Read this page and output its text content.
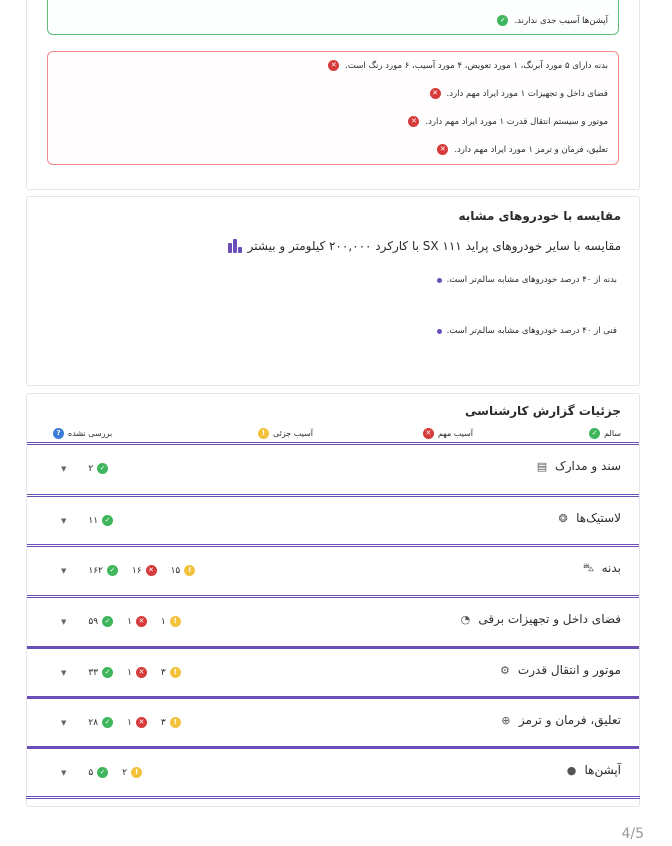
✓	آپشن‌ها آسیب جدی ندارند.
✕	بدنه دارای ۵ مورد آبرنگ، ۱ مورد تعویض، ۴ مورد آسیب، ۶ مورد رنگ است.
✕	فضای داخل و تجهیزات ۱ مورد ایراد مهم دارد.
✕	موتور و سیستم انتقال قدرت ۱ مورد ایراد مهم دارد.
✕	تعلیق، فرمان و ترمز ۱ مورد ایراد مهم دارد.
مقایسه با خودروهای مشابه
مقایسه با سایر خودروهای پراید SX ۱۱۱ با کارکرد ۲۰۰,۰۰۰ کیلومتر و بیشتر
بدنه از ۴۰ درصد خودروهای مشابه سالم‌تر است.
فنی از ۴۰ درصد خودروهای مشابه سالم‌تر است.
جزئیات گزارش کارشناسی
✓ سالم
✕ آسیب مهم
! آسیب جزئی
? بررسی نشده
▤ سند و مدارک
▼ ۲ ✓
❂ لاستیک‌ها
▼ ۱۱ ✓
⛍ بدنه
▼ ۱۶۲ ✓ ۱۶ ✕ ۱۵	!
◔ فضای داخل و تجهیزات برقی
▼ ۵۹ ✓ ۱ ✕ ۱	!
⚙ موتور و انتقال قدرت
▼ ۳۳ ✓ ۱ ✕ ۳	!
⊕ تعلیق، فرمان و ترمز
▼ ۲۸ ✓ ۱ ✕ ۳	!
● آپشن‌ها
▼ ۵ ✓ ۲	!
4/5
